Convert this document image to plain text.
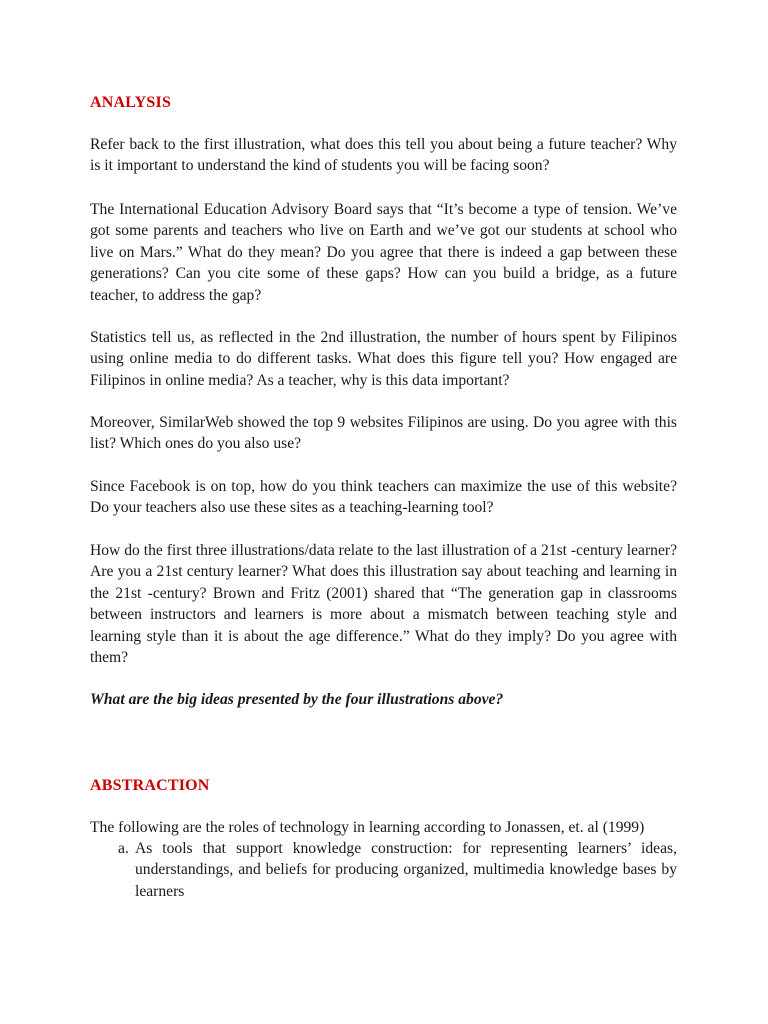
ANALYSIS

Refer back to the first illustration, what does this tell you about being a future teacher? Why is it important to understand the kind of students you will be facing soon?

The International Education Advisory Board says that “It’s become a type of tension. We’ve got some parents and teachers who live on Earth and we’ve got our students at school who live on Mars.” What do they mean? Do you agree that there is indeed a gap between these generations? Can you cite some of these gaps? How can you build a bridge, as a future teacher, to address the gap?

Statistics tell us, as reflected in the 2nd illustration, the number of hours spent by Filipinos using online media to do different tasks. What does this figure tell you? How engaged are Filipinos in online media? As a teacher, why is this data important?

Moreover, SimilarWeb showed the top 9 websites Filipinos are using. Do you agree with this list? Which ones do you also use?

Since Facebook is on top, how do you think teachers can maximize the use of this website? Do your teachers also use these sites as a teaching-learning tool?

How do the first three illustrations/data relate to the last illustration of a 21st -century learner? Are you a 21st century learner? What does this illustration say about teaching and learning in the 21st -century? Brown and Fritz (2001) shared that “The generation gap in classrooms between instructors and learners is more about a mismatch between teaching style and learning style than it is about the age difference.” What do they imply? Do you agree with them?

What are the big ideas presented by the four illustrations above?

ABSTRACTION

The following are the roles of technology in learning according to Jonassen, et. al (1999)

a. As tools that support knowledge construction: for representing learners’ ideas, understandings, and beliefs for producing organized, multimedia knowledge bases by learners
